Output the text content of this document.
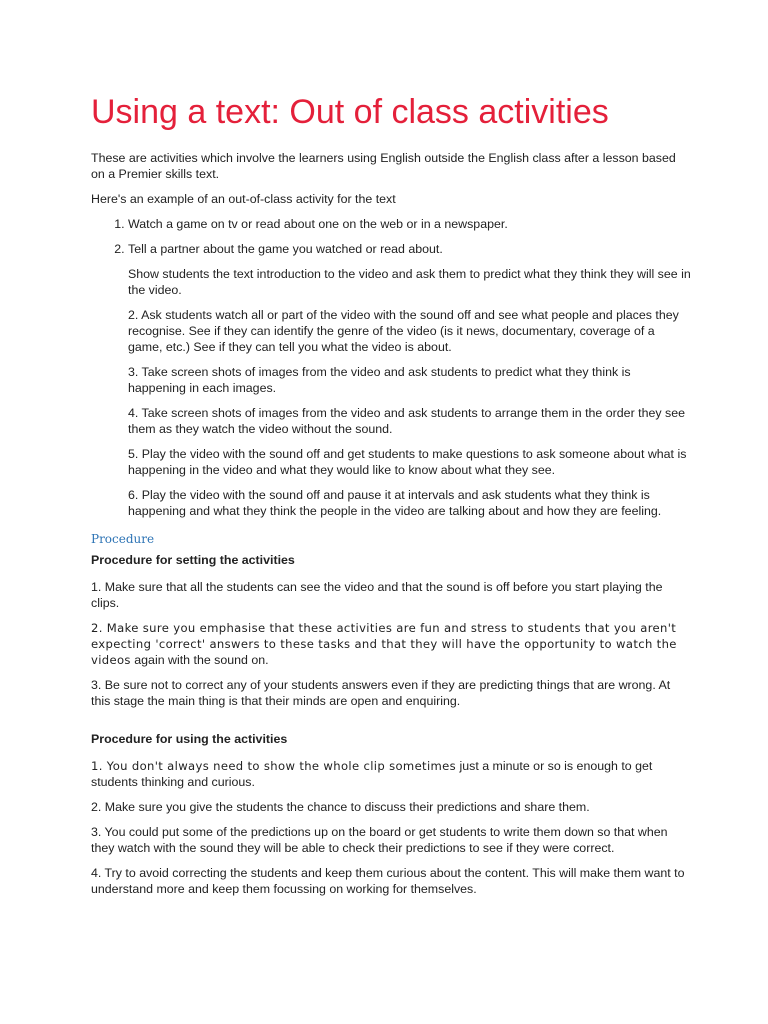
Using a text: Out of class activities

These are activities which involve the learners using English outside the English class after a lesson based on a Premier skills text.

Here's an example of an out-of-class activity for the text

1. Watch a game on tv or read about one on the web or in a newspaper.
2. Tell a partner about the game you watched or read about.

Show students the text introduction to the video and ask them to predict what they think they will see in the video.

2. Ask students watch all or part of the video with the sound off and see what people and places they recognise. See if they can identify the genre of the video (is it news, documentary, coverage of a game, etc.) See if they can tell you what the video is about.

3. Take screen shots of images from the video and ask students to predict what they think is happening in each images.

4. Take screen shots of images from the video and ask students to arrange them in the order they see them as they watch the video without the sound.

5. Play the video with the sound off and get students to make questions to ask someone about what is happening in the video and what they would like to know about what they see.

6. Play the video with the sound off and pause it at intervals and ask students what they think is happening and what they think the people in the video are talking about and how they are feeling.

Procedure

Procedure for setting the activities

1. Make sure that all the students can see the video and that the sound is off before you start playing the clips.

2. Make sure you emphasise that these activities are fun and stress to students that you aren't expecting 'correct' answers to these tasks and that they will have the opportunity to watch the videos again with the sound on.

3. Be sure not to correct any of your students answers even if they are predicting things that are wrong. At this stage the main thing is that their minds are open and enquiring.

Procedure for using the activities

1. You don't always need to show the whole clip sometimes just a minute or so is enough to get students thinking and curious.

2. Make sure you give the students the chance to discuss their predictions and share them.

3. You could put some of the predictions up on the board or get students to write them down so that when they watch with the sound they will be able to check their predictions to see if they were correct.

4. Try to avoid correcting the students and keep them curious about the content. This will make them want to understand more and keep them focussing on working for themselves.
